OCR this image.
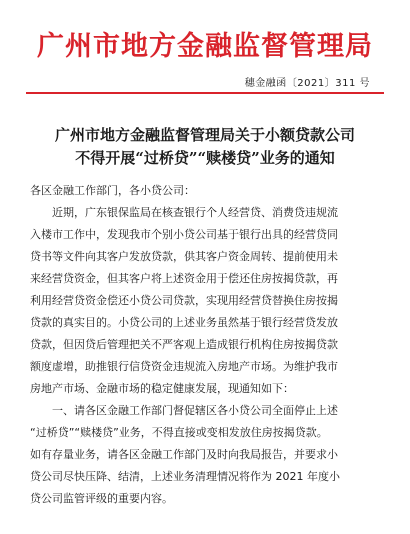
广州市地方金融监督管理局
穗金融函〔2021〕311 号
广州市地方金融监督管理局关于小额贷款公司
不得开展“过桥贷”“赎楼贷”业务的通知
各区金融工作部门，各小贷公司：
近期，广东银保监局在核查银行个人经营贷、消费贷违规流
入楼市工作中，发现我市个别小贷公司基于银行出具的经营贷同
贷书等文件向其客户发放贷款，供其客户资金周转、提前使用未
来经营贷资金，但其客户将上述资金用于偿还住房按揭贷款，再
利用经营贷资金偿还小贷公司贷款，实现用经营贷替换住房按揭
贷款的真实目的。小贷公司的上述业务虽然基于银行经营贷发放
贷款，但因贷后管理把关不严客观上造成银行机构住房按揭贷款
额度虚增，助推银行信贷资金违规流入房地产市场。为维护我市
房地产市场、金融市场的稳定健康发展，现通知如下：
一、请各区金融工作部门督促辖区各小贷公司全面停止上述
“过桥贷”“赎楼贷”业务，不得直接或变相发放住房按揭贷款。
如有存量业务，请各区金融工作部门及时向我局报告，并要求小
贷公司尽快压降、结清，上述业务清理情况将作为 2021 年度小
贷公司监管评级的重要内容。
